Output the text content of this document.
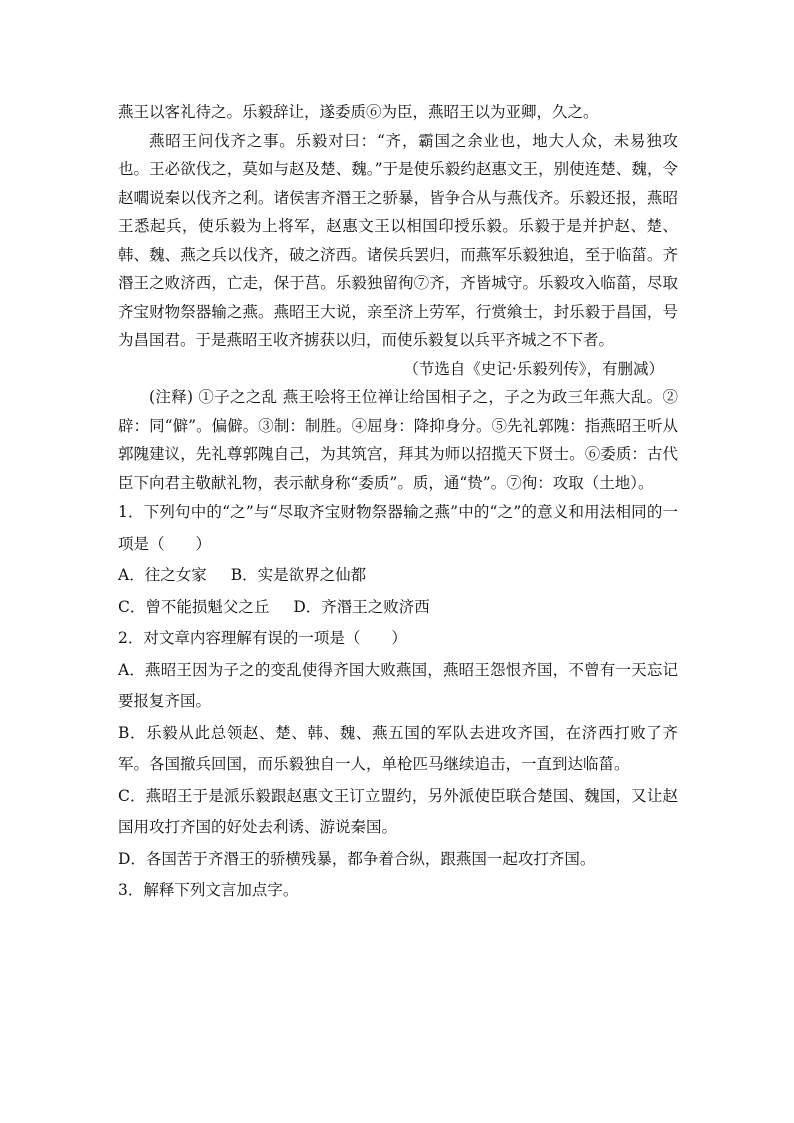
燕王以客礼待之。乐毅辞让，遂委质⑥为臣，燕昭王以为亚卿，久之。

燕昭王问伐齐之事。乐毅对曰：“齐，霸国之余业也，地大人众，未易独攻也。王必欲伐之，莫如与赵及楚、魏。”于是使乐毅约赵惠文王，别使连楚、魏，令赵嚪说秦以伐齐之利。诸侯害齐湣王之骄暴，皆争合从与燕伐齐。乐毅还报，燕昭王悉起兵，使乐毅为上将军，赵惠文王以相国印授乐毅。乐毅于是并护赵、楚、韩、魏、燕之兵以伐齐，破之济西。诸侯兵罢归，而燕军乐毅独追，至于临菑。齐湣王之败济西，亡走，保于莒。乐毅独留徇⑦齐，齐皆城守。乐毅攻入临菑，尽取齐宝财物祭器输之燕。燕昭王大说，亲至济上劳军，行赏飨士，封乐毅于昌国，号为昌国君。于是燕昭王收齐掳获以归，而使乐毅复以兵平齐城之不下者。

（节选自《史记·乐毅列传》，有删减）

(注释) ①子之之乱 燕王哙将王位禅让给国相子之，子之为政三年燕大乱。②辟：同“僻”。偏僻。③制：制胜。④屈身：降抑身分。⑤先礼郭隗：指燕昭王听从郭隗建议，先礼尊郭隗自己，为其筑宫，拜其为师以招揽天下贤士。⑥委质：古代臣下向君主敬献礼物，表示献身称“委质”。质，通“贽”。⑦徇：攻取（土地）。

1．下列句中的“之”与“尽取齐宝财物祭器输之燕”中的“之”的意义和用法相同的一项是（　　）

A．往之女家 B．实是欲界之仙都

C．曾不能损魁父之丘 D．齐湣王之败济西

2．对文章内容理解有误的一项是（　　）

A．燕昭王因为子之的变乱使得齐国大败燕国，燕昭王怨恨齐国，不曾有一天忘记要报复齐国。

B．乐毅从此总领赵、楚、韩、魏、燕五国的军队去进攻齐国，在济西打败了齐军。各国撤兵回国，而乐毅独自一人，单枪匹马继续追击，一直到达临菑。

C．燕昭王于是派乐毅跟赵惠文王订立盟约，另外派使臣联合楚国、魏国，又让赵国用攻打齐国的好处去利诱、游说秦国。

D．各国苦于齐湣王的骄横残暴，都争着合纵，跟燕国一起攻打齐国。

3．解释下列文言加点字。
